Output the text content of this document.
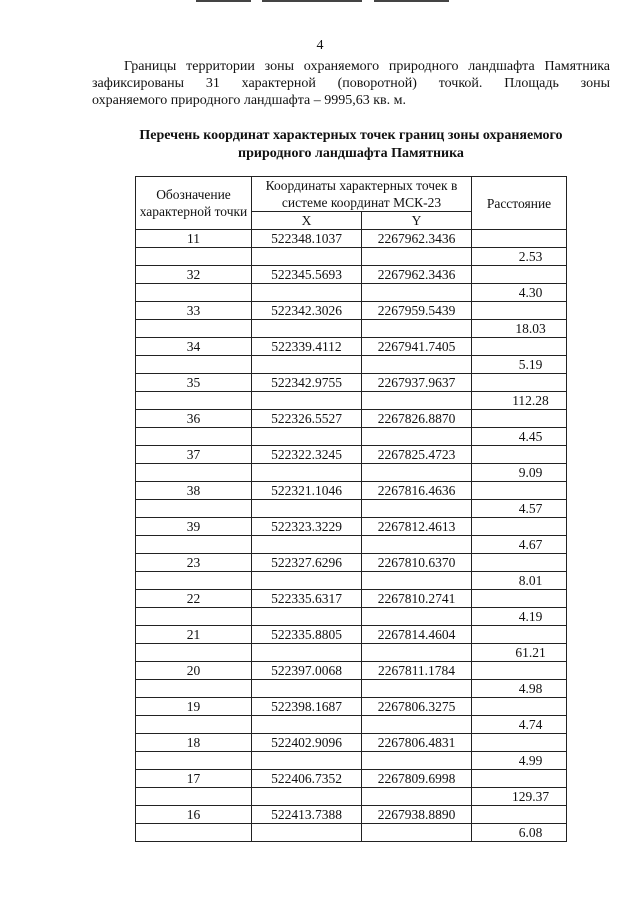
4
Границы территории зоны охраняемого природного ландшафта Памятника
зафиксированы 31 характерной (поворотной) точкой. Площадь зоны
охраняемого природного ландшафта – 9995,63 кв. м.
Перечень координат характерных точек границ зоны охраняемого
природного ландшафта Памятника
Обозначение характерной точки	Координаты характерных точек в системе координат МСК-23		Расстояние
	X	Y	
11	522348.1037	2267962.3436	
			2.53
32	522345.5693	2267962.3436	
			4.30
33	522342.3026	2267959.5439	
			18.03
34	522339.4112	2267941.7405	
			5.19
35	522342.9755	2267937.9637	
			112.28
36	522326.5527	2267826.8870	
			4.45
37	522322.3245	2267825.4723	
			9.09
38	522321.1046	2267816.4636	
			4.57
39	522323.3229	2267812.4613	
			4.67
23	522327.6296	2267810.6370	
			8.01
22	522335.6317	2267810.2741	
			4.19
21	522335.8805	2267814.4604	
			61.21
20	522397.0068	2267811.1784	
			4.98
19	522398.1687	2267806.3275	
			4.74
18	522402.9096	2267806.4831	
			4.99
17	522406.7352	2267809.6998	
			129.37
16	522413.7388	2267938.8890	
			6.08
